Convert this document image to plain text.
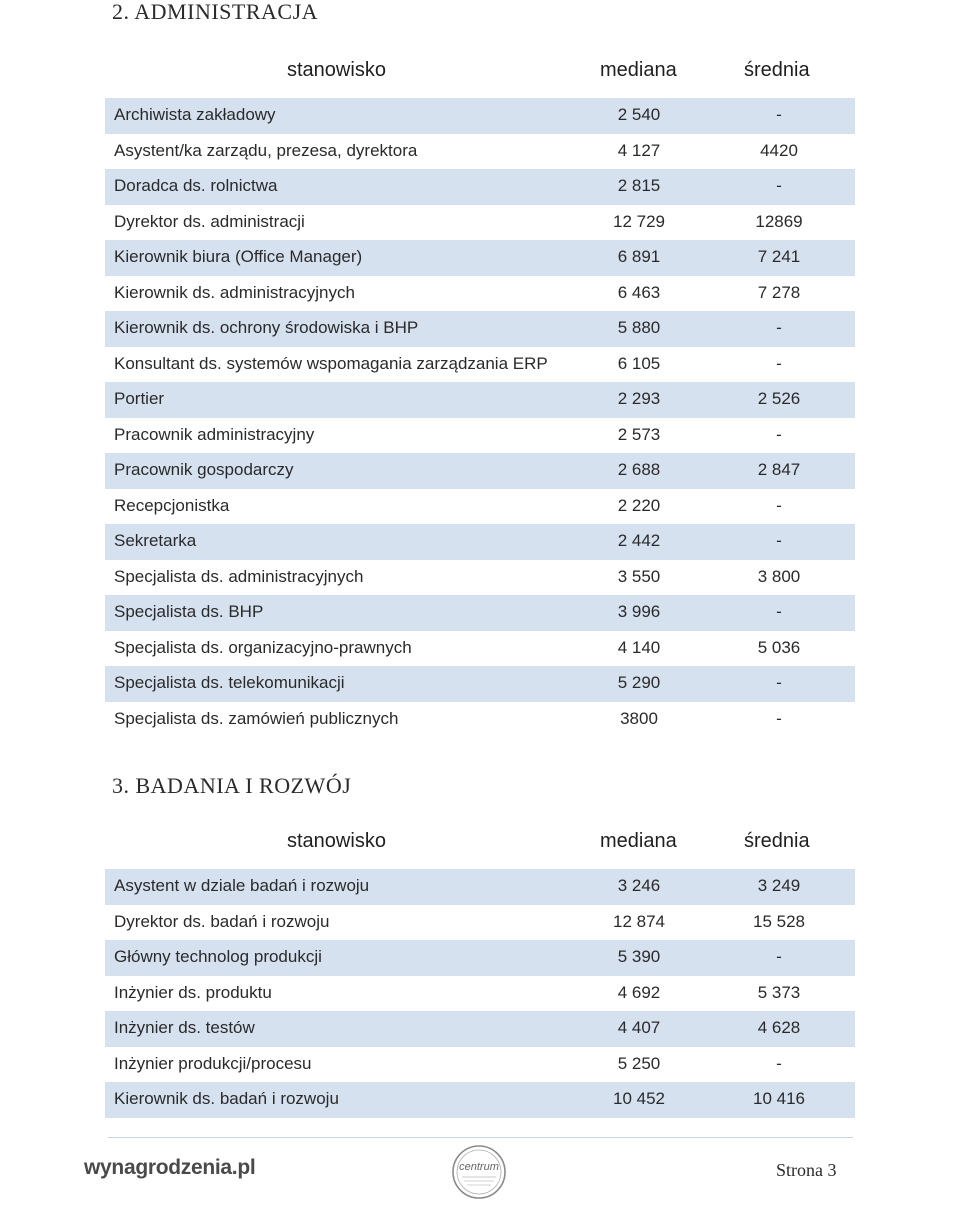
2. ADMINISTRACJA
stanowisko	mediana	średnia
Archiwista zakładowy	2 540	-
Asystent/ka zarządu, prezesa, dyrektora	4 127	4420
Doradca ds. rolnictwa	2 815	-
Dyrektor ds. administracji	12 729	12869
Kierownik biura (Office Manager)	6 891	7 241
Kierownik ds. administracyjnych	6 463	7 278
Kierownik ds. ochrony środowiska i BHP	5 880	-
Konsultant ds. systemów wspomagania zarządzania ERP	6 105	-
Portier	2 293	2 526
Pracownik administracyjny	2 573	-
Pracownik gospodarczy	2 688	2 847
Recepcjonistka	2 220	-
Sekretarka	2 442	-
Specjalista ds. administracyjnych	3 550	3 800
Specjalista ds. BHP	3 996	-
Specjalista ds. organizacyjno-prawnych	4 140	5 036
Specjalista ds. telekomunikacji	5 290	-
Specjalista ds. zamówień publicznych	3800	-
3. BADANIA I ROZWÓJ
stanowisko	mediana	średnia
Asystent w dziale badań i rozwoju	3 246	3 249
Dyrektor ds. badań i rozwoju	12 874	15 528
Główny technolog produkcji	5 390	-
Inżynier ds. produktu	4 692	5 373
Inżynier ds. testów	4 407	4 628
Inżynier produkcji/procesu	5 250	-
Kierownik ds. badań i rozwoju	10 452	10 416
wynagrodzenia.pl	centrum	Strona 3
